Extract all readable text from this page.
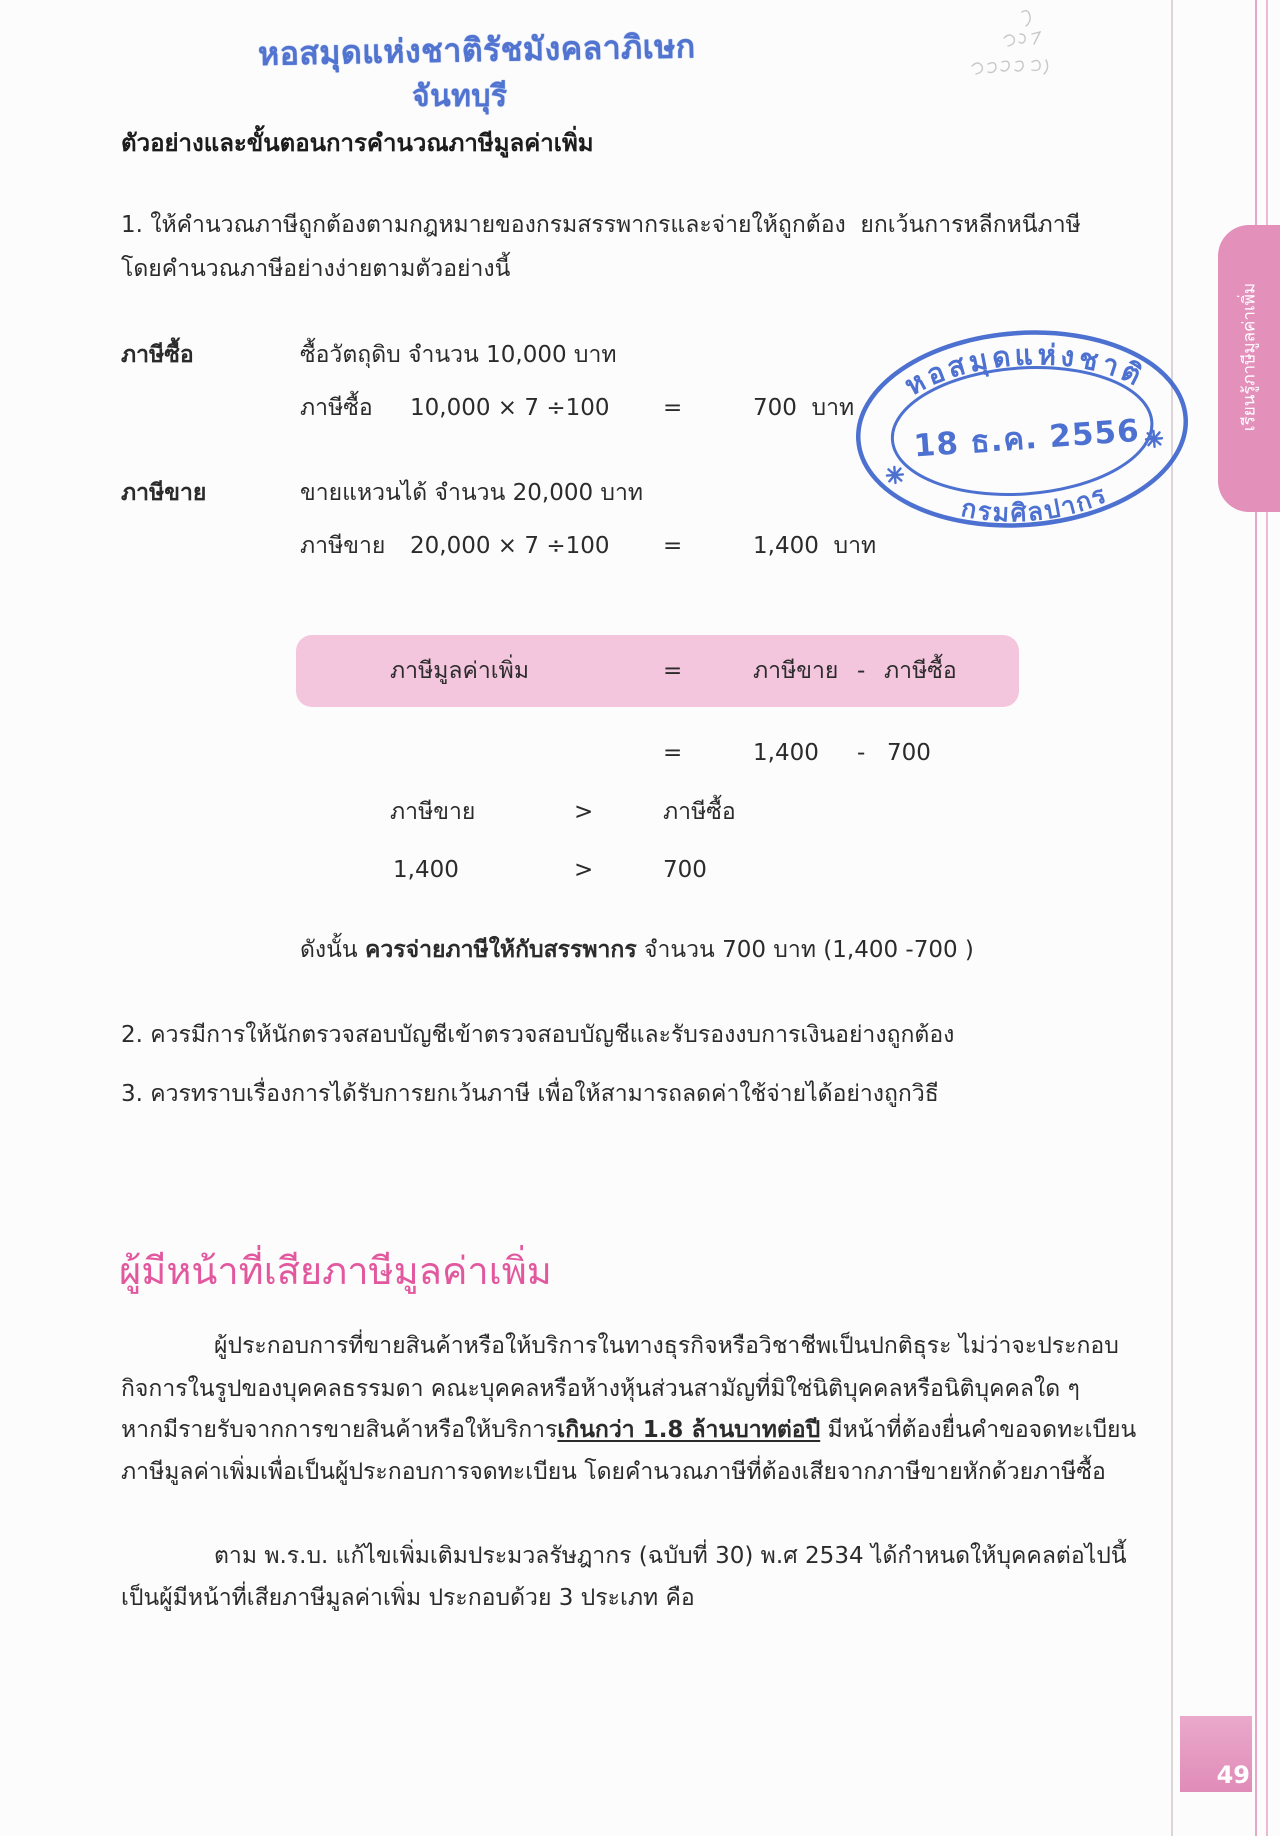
เรียนรู้ภาษีมูลค่าเพิ่ม
49
หอสมุดแห่งชาติรัชมังคลาภิเษก
จันทบุรี
ตัวอย่างและขั้นตอนการคำนวณภาษีมูลค่าเพิ่ม
1. ให้คำนวณภาษีถูกต้องตามกฎหมายของกรมสรรพากรและจ่ายให้ถูกต้อง  ยกเว้นการหลีกหนีภาษี
โดยคำนวณภาษีอย่างง่ายตามตัวอย่างนี้
ภาษีซื้อ	ซื้อวัตถุดิบ จำนวน 10,000 บาท
ภาษีซื้อ 10,000 × 7 ÷100 =	700  บาท
ภาษีขาย	ขายแหวนได้ จำนวน 20,000 บาท
ภาษีขาย 20,000 × 7 ÷100 =	1,400  บาท
ภาษีมูลค่าเพิ่ม	=	ภาษีขาย - ภาษีซื้อ
=	1,400 - 700
ภาษีขาย	>	ภาษีซื้อ
1,400	>	700
ดังนั้น ควรจ่ายภาษีให้กับสรรพากร จำนวน 700 บาท (1,400 -700 )
2. ควรมีการให้นักตรวจสอบบัญชีเข้าตรวจสอบบัญชีและรับรองงบการเงินอย่างถูกต้อง
3. ควรทราบเรื่องการได้รับการยกเว้นภาษี เพื่อให้สามารถลดค่าใช้จ่ายได้อย่างถูกวิธี
ผู้มีหน้าที่เสียภาษีมูลค่าเพิ่ม
ผู้ประกอบการที่ขายสินค้าหรือให้บริการในทางธุรกิจหรือวิชาชีพเป็นปกติธุระ ไม่ว่าจะประกอบ
กิจการในรูปของบุคคลธรรมดา คณะบุคคลหรือห้างหุ้นส่วนสามัญที่มิใช่นิติบุคคลหรือนิติบุคคลใด ๆ
หากมีรายรับจากการขายสินค้าหรือให้บริการเกินกว่า 1.8 ล้านบาทต่อปี มีหน้าที่ต้องยื่นคำขอจดทะเบียน
ภาษีมูลค่าเพิ่มเพื่อเป็นผู้ประกอบการจดทะเบียน โดยคำนวณภาษีที่ต้องเสียจากภาษีขายหักด้วยภาษีซื้อ
ตาม พ.ร.บ. แก้ไขเพิ่มเติมประมวลรัษฎากร (ฉบับที่ 30) พ.ศ 2534 ได้กำหนดให้บุคคลต่อไปนี้
เป็นผู้มีหน้าที่เสียภาษีมูลค่าเพิ่ม ประกอบด้วย 3 ประเภท คือ
หอสมุดแห่งชาติ
กรมศิลปากร
18 ธ.ค. 2556
